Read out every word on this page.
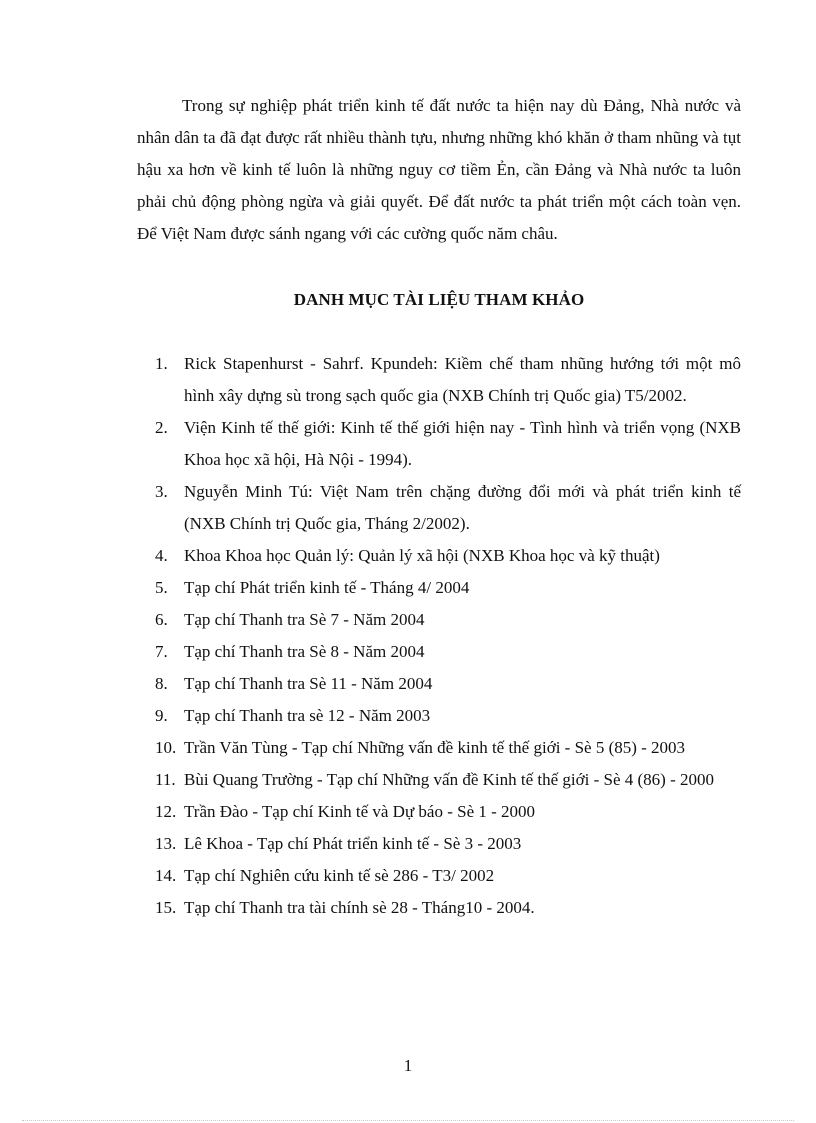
Trong sự nghiệp phát triển kinh tế đất nước ta hiện nay dù Đảng, Nhà nước và nhân dân ta đã đạt được rất nhiều thành tựu, nhưng những khó khăn ở tham nhũng và tụt hậu xa hơn về kinh tế luôn là những nguy cơ tiềm Ẻn, cần Đảng và Nhà nước ta luôn phải chủ động phòng ngừa và giải quyết. Để đất nước ta phát triển một cách toàn vẹn. Để Việt Nam được sánh ngang với các cường quốc năm châu.

DANH MỤC TÀI LIỆU THAM KHẢO
1. Rick Stapenhurst - Sahrf. Kpundeh: Kiềm chế tham nhũng hướng tới một mô hình xây dựng sù trong sạch quốc gia (NXB Chính trị Quốc gia) T5/2002.
2. Viện Kinh tế thế giới: Kinh tế thế giới hiện nay - Tình hình và triển vọng (NXB Khoa học xã hội, Hà Nội - 1994).
3. Nguyễn Minh Tú: Việt Nam trên chặng đường đổi mới và phát triển kinh tế (NXB Chính trị Quốc gia, Tháng 2/2002).
4. Khoa Khoa học Quản lý: Quản lý xã hội (NXB Khoa học và kỹ thuật)
5. Tạp chí Phát triển kinh tế - Tháng 4/ 2004
6. Tạp chí Thanh tra Sè 7 - Năm 2004
7. Tạp chí Thanh tra Sè 8 - Năm 2004
8. Tạp chí Thanh tra Sè 11 - Năm 2004
9. Tạp chí Thanh tra sè 12 - Năm 2003
10. Trần Văn Tùng - Tạp chí Những vấn đề kinh tế thế giới - Sè 5 (85) - 2003
11. Bùi Quang Trường - Tạp chí Những vấn đề Kinh tế thế giới - Sè 4 (86) - 2000
12. Trần Đào - Tạp chí Kinh tế và Dự báo - Sè 1 - 2000
13. Lê Khoa - Tạp chí Phát triển kinh tế - Sè 3 - 2003
14. Tạp chí Nghiên cứu kinh tế sè 286 - T3/ 2002
15. Tạp chí Thanh tra tài chính sè 28 - Tháng10 - 2004.
1
